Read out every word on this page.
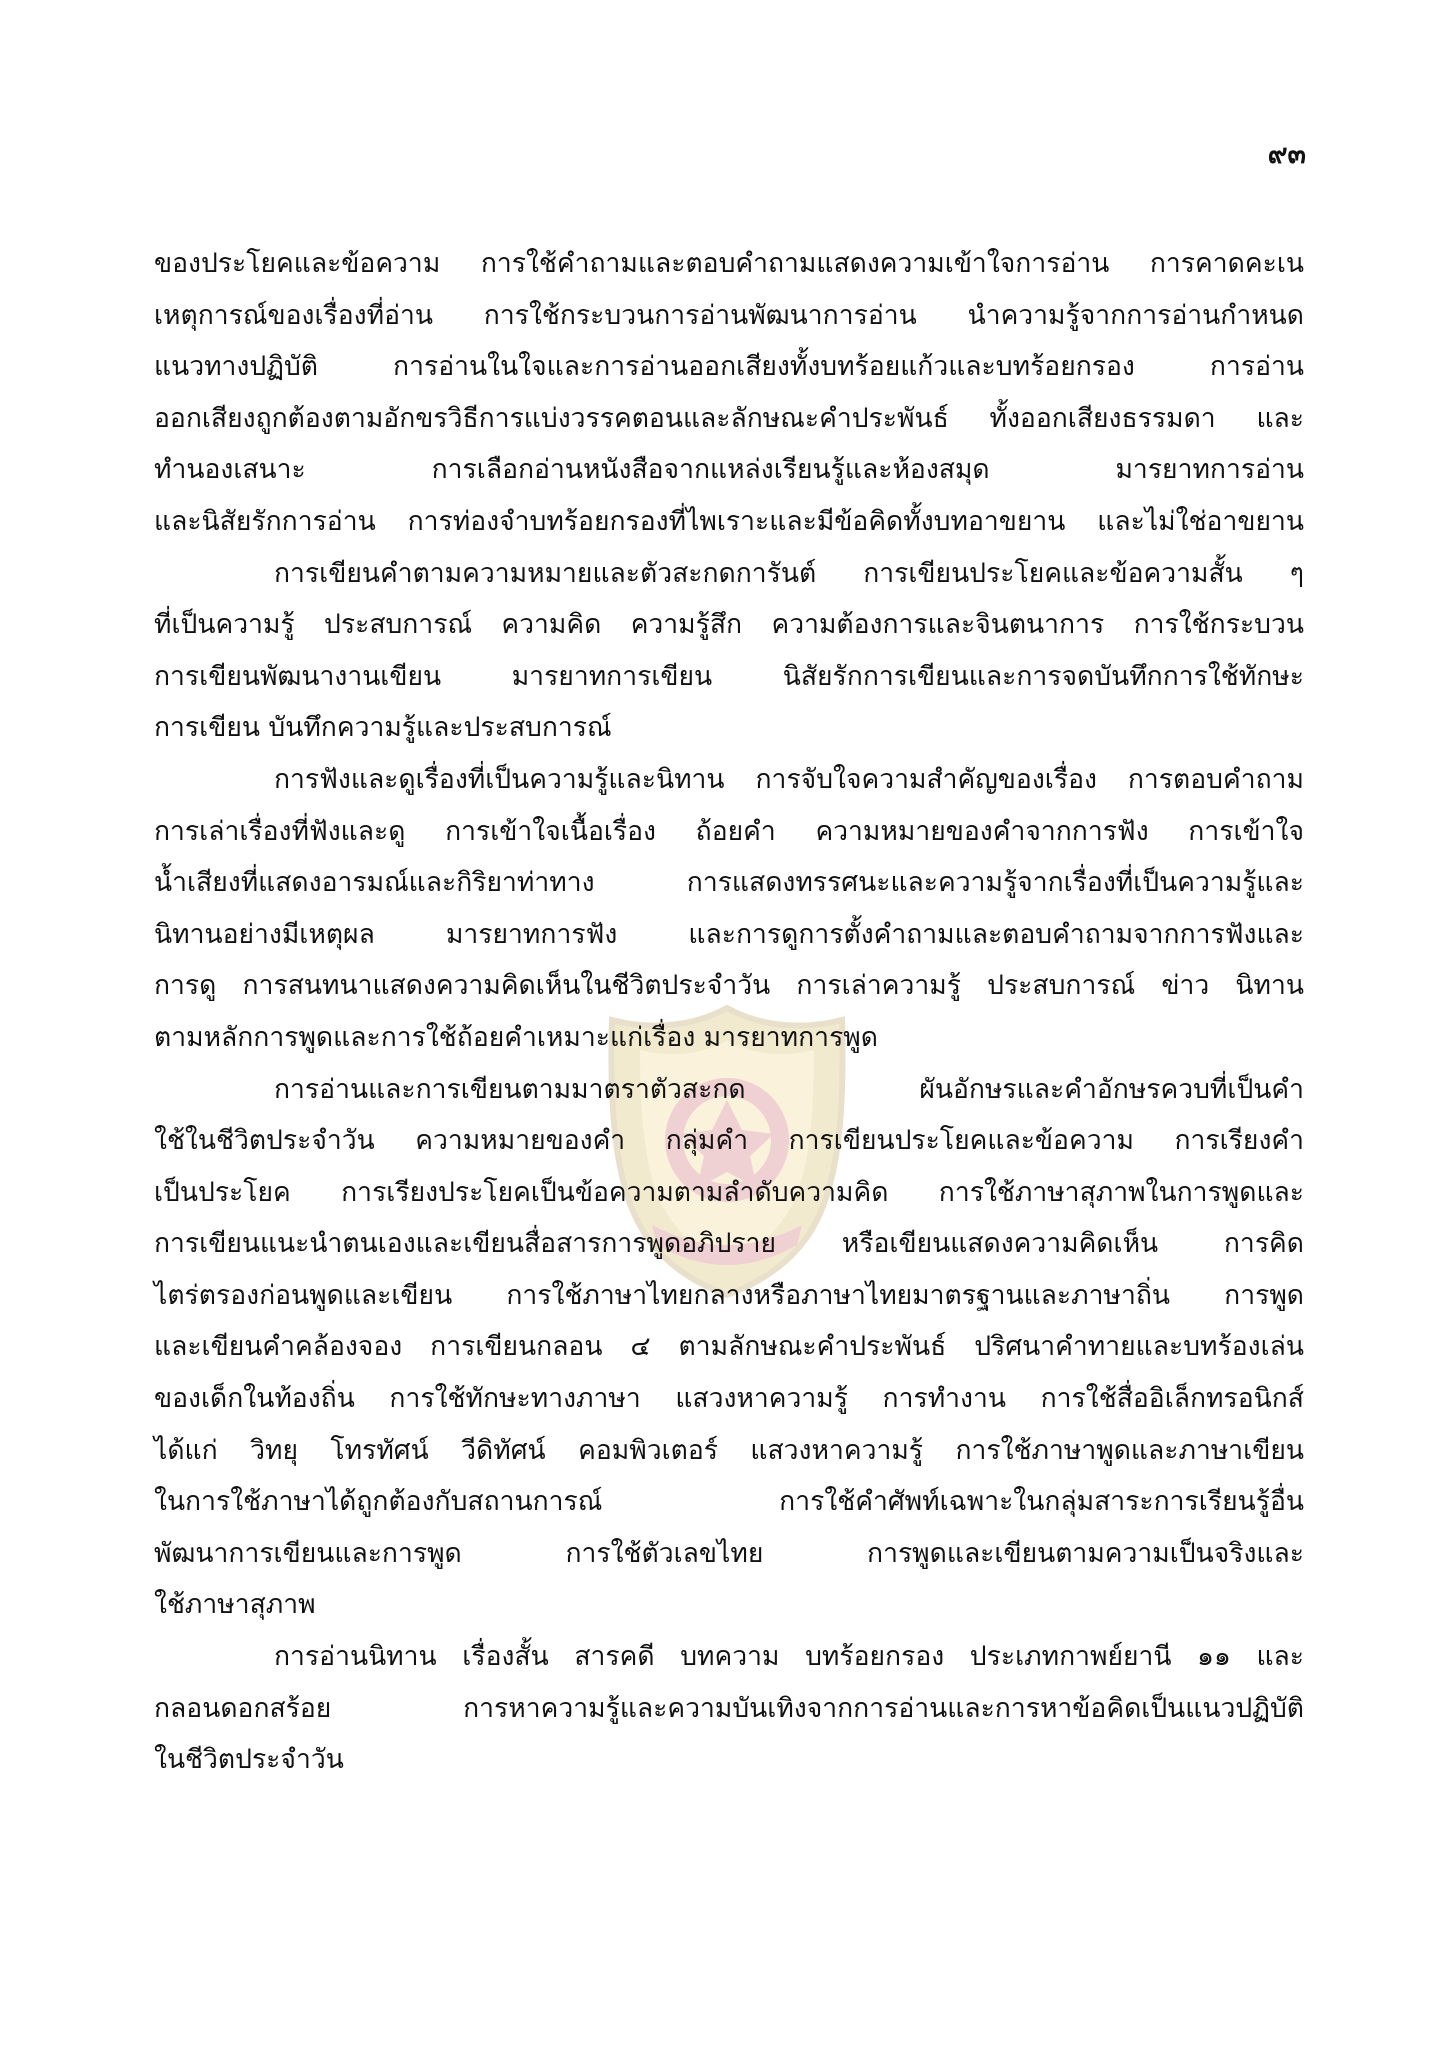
๙๓
ของประโยคและข้อความ การใช้คำถามและตอบคำถามแสดงความเข้าใจการอ่าน การคาดคะเน
เหตุการณ์ของเรื่องที่อ่าน การใช้กระบวนการอ่านพัฒนาการอ่าน นำความรู้จากการอ่านกำหนด
แนวทางปฏิบัติ การอ่านในใจและการอ่านออกเสียงทั้งบทร้อยแก้วและบทร้อยกรอง การอ่าน
ออกเสียงถูกต้องตามอักขรวิธีการแบ่งวรรคตอนและลักษณะคำประพันธ์ ทั้งออกเสียงธรรมดา และ
ทำนองเสนาะ การเลือกอ่านหนังสือจากแหล่งเรียนรู้และห้องสมุด มารยาทการอ่าน
และนิสัยรักการอ่าน การท่องจำบทร้อยกรองที่ไพเราะและมีข้อคิดทั้งบทอาขยาน และไม่ใช่อาขยาน
การเขียนคำตามความหมายและตัวสะกดการันต์ การเขียนประโยคและข้อความสั้น ๆ
ที่เป็นความรู้ ประสบการณ์ ความคิด ความรู้สึก ความต้องการและจินตนาการ การใช้กระบวน
การเขียนพัฒนางานเขียน มารยาทการเขียน นิสัยรักการเขียนและการจดบันทึกการใช้ทักษะ
การเขียน บันทึกความรู้และประสบการณ์
การฟังและดูเรื่องที่เป็นความรู้และนิทาน การจับใจความสำคัญของเรื่อง การตอบคำถาม
การเล่าเรื่องที่ฟังและดู การเข้าใจเนื้อเรื่อง ถ้อยคำ ความหมายของคำจากการฟัง การเข้าใจ
น้ำเสียงที่แสดงอารมณ์และกิริยาท่าทาง การแสดงทรรศนะและความรู้จากเรื่องที่เป็นความรู้และ
นิทานอย่างมีเหตุผล มารยาทการฟัง และการดูการตั้งคำถามและตอบคำถามจากการฟังและ
การดู การสนทนาแสดงความคิดเห็นในชีวิตประจำวัน การเล่าความรู้ ประสบการณ์ ข่าว นิทาน
ตามหลักการพูดและการใช้ถ้อยคำเหมาะแก่เรื่อง มารยาทการพูด
การอ่านและการเขียนตามมาตราตัวสะกด ผันอักษรและคำอักษรควบที่เป็นคำ
ใช้ในชีวิตประจำวัน ความหมายของคำ กลุ่มคำ การเขียนประโยคและข้อความ การเรียงคำ
เป็นประโยค การเรียงประโยคเป็นข้อความตามลำดับความคิด การใช้ภาษาสุภาพในการพูดและ
การเขียนแนะนำตนเองและเขียนสื่อสารการพูดอภิปราย หรือเขียนแสดงความคิดเห็น การคิด
ไตร่ตรองก่อนพูดและเขียน การใช้ภาษาไทยกลางหรือภาษาไทยมาตรฐานและภาษาถิ่น การพูด
และเขียนคำคล้องจอง การเขียนกลอน ๔ ตามลักษณะคำประพันธ์ ปริศนาคำทายและบทร้องเล่น
ของเด็กในท้องถิ่น การใช้ทักษะทางภาษา แสวงหาความรู้ การทำงาน การใช้สื่ออิเล็กทรอนิกส์
ได้แก่ วิทยุ โทรทัศน์ วีดิทัศน์ คอมพิวเตอร์ แสวงหาความรู้ การใช้ภาษาพูดและภาษาเขียน
ในการใช้ภาษาได้ถูกต้องกับสถานการณ์ การใช้คำศัพท์เฉพาะในกลุ่มสาระการเรียนรู้อื่น
พัฒนาการเขียนและการพูด การใช้ตัวเลขไทย การพูดและเขียนตามความเป็นจริงและ
ใช้ภาษาสุภาพ
การอ่านนิทาน เรื่องสั้น สารคดี บทความ บทร้อยกรอง ประเภทกาพย์ยานี ๑๑ และ
กลอนดอกสร้อย การหาความรู้และความบันเทิงจากการอ่านและการหาข้อคิดเป็นแนวปฏิบัติ
ในชีวิตประจำวัน
